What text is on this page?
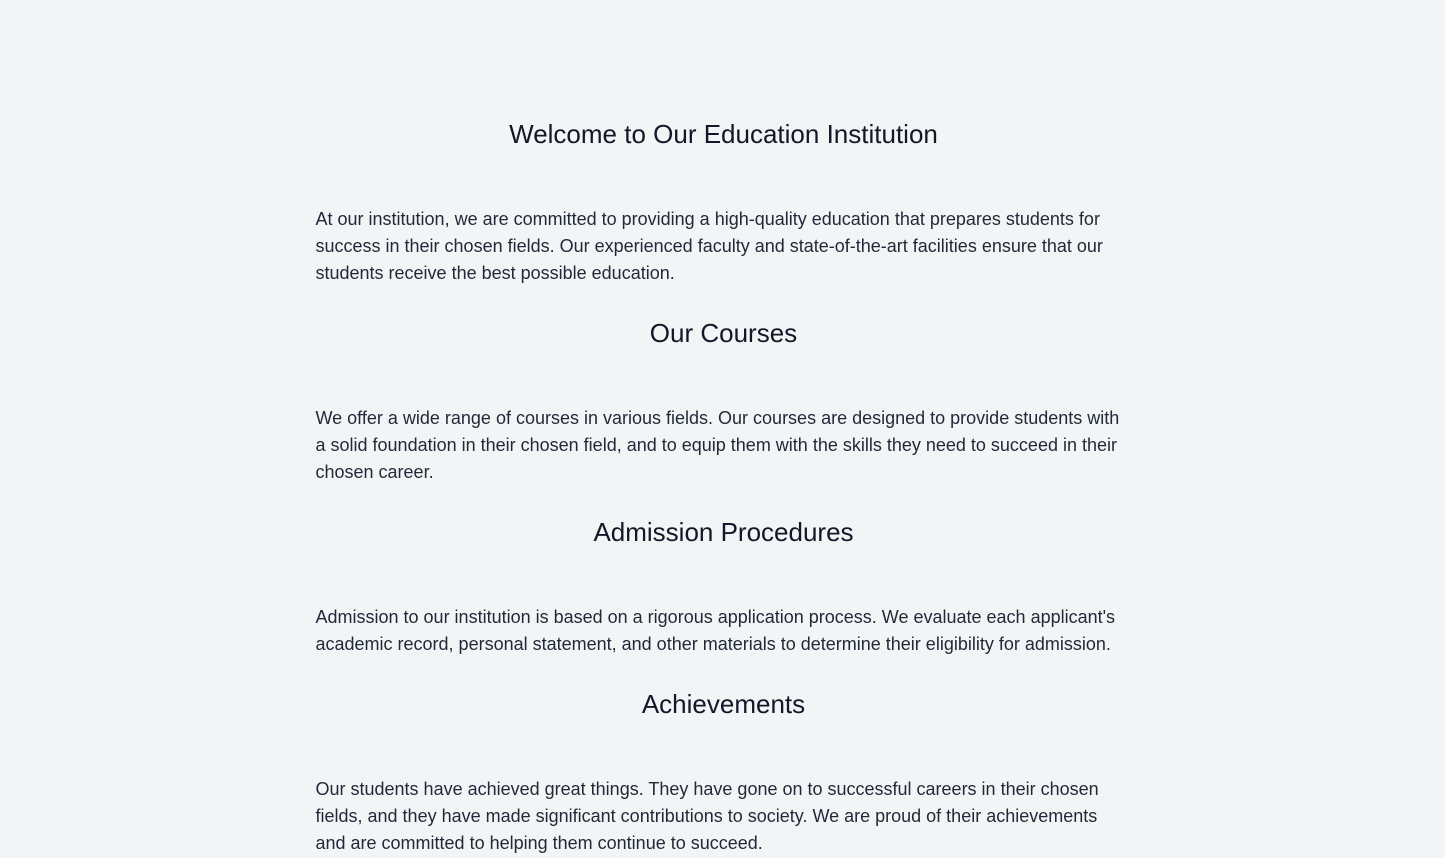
Welcome to Our Education Institution

At our institution, we are committed to providing a high-quality education that prepares students for success in their chosen fields. Our experienced faculty and state-of-the-art facilities ensure that our students receive the best possible education.

Our Courses

We offer a wide range of courses in various fields. Our courses are designed to provide students with a solid foundation in their chosen field, and to equip them with the skills they need to succeed in their chosen career.

Admission Procedures

Admission to our institution is based on a rigorous application process. We evaluate each applicant's academic record, personal statement, and other materials to determine their eligibility for admission.

Achievements

Our students have achieved great things. They have gone on to successful careers in their chosen fields, and they have made significant contributions to society. We are proud of their achievements and are committed to helping them continue to succeed.
